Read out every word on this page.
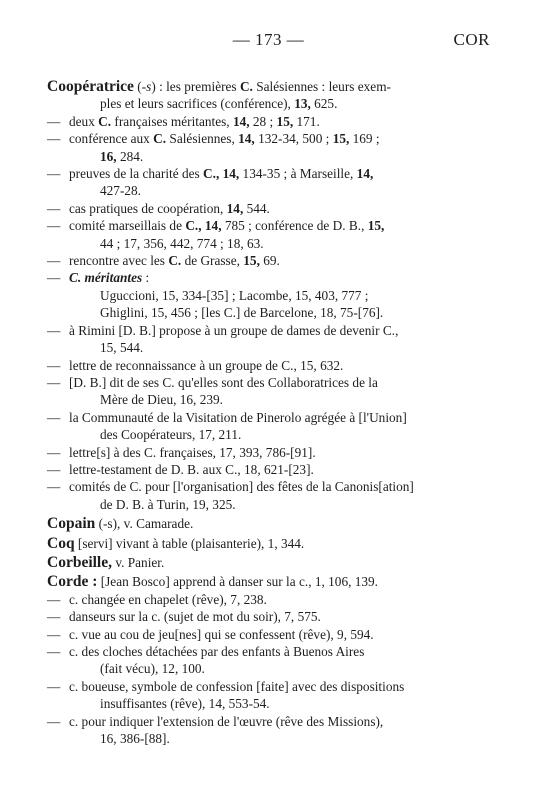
— 173 —	COR
Coopératrice (-s) : les premières C. Salésiennes : leurs exem-
ples et leurs sacrifices (conférence), 13, 625.
— deux C. françaises méritantes, 14, 28 ; 15, 171.
— conférence aux C. Salésiennes, 14, 132-34, 500 ; 15, 169 ;
16, 284.
— preuves de la charité des C., 14, 134-35 ; à Marseille, 14,
427-28.
— cas pratiques de coopération, 14, 544.
— comité marseillais de C., 14, 785 ; conférence de D. B., 15,
44 ; 17, 356, 442, 774 ; 18, 63.
— rencontre avec les C. de Grasse, 15, 69.
— C. méritantes :
Uguccioni, 15, 334-[35] ; Lacombe, 15, 403, 777 ;
Ghiglini, 15, 456 ; [les C.] de Barcelone, 18, 75-[76].
— à Rimini [D. B.] propose à un groupe de dames de devenir C.,
15, 544.
— lettre de reconnaissance à un groupe de C., 15, 632.
— [D. B.] dit de ses C. qu'elles sont des Collaboratrices de la
Mère de Dieu, 16, 239.
— la Communauté de la Visitation de Pinerolo agrégée à [l'Union]
des Coopérateurs, 17, 211.
— lettre[s] à des C. françaises, 17, 393, 786-[91].
— lettre-testament de D. B. aux C., 18, 621-[23].
— comités de C. pour [l'organisation] des fêtes de la Canonis[ation]
de D. B. à Turin, 19, 325.
Copain (-s), v. Camarade.
Coq [servi] vivant à table (plaisanterie), 1, 344.
Corbeille, v. Panier.
Corde : [Jean Bosco] apprend à danser sur la c., 1, 106, 139.
— c. changée en chapelet (rêve), 7, 238.
— danseurs sur la c. (sujet de mot du soir), 7, 575.
— c. vue au cou de jeu[nes] qui se confessent (rêve), 9, 594.
— c. des cloches détachées par des enfants à Buenos Aires
(fait vécu), 12, 100.
— c. boueuse, symbole de confession [faite] avec des dispositions
insuffisantes (rêve), 14, 553-54.
— c. pour indiquer l'extension de l'œuvre (rêve des Missions),
16, 386-[88].
